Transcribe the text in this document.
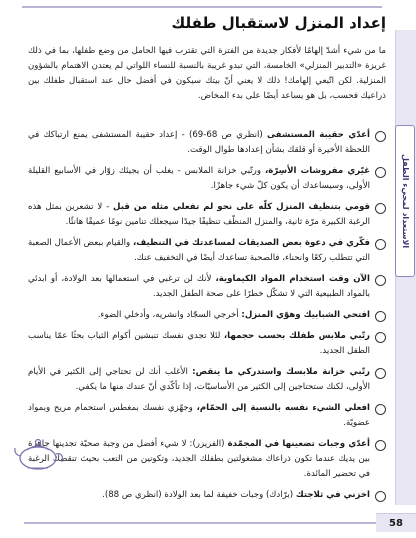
الاستعداد لمجيء الطفل
إعداد المنزل لاستقبال طفلك
ما من شيء أشدّ إلهامًا لأفكار جديدة من الفترة التي تقترب فيها الحامل من وضع طفلها، بما في ذلك غريزة «التدبير المنزلي» الخامسة، التي تبدو غريبة بالنسبة للنساء اللواتي لم يعتدن الاهتمام بالشؤون المنزلية. لكن اتّبعي إلهامك! ذلك لا يعني أنّ بيتك سيكون في أفضل حال عند استقبال طفلك بين ذراعيك فحسب، بل هو يساعد أيضًا على بدء المخاض.
أعدّي حقيبة المستشفى (انظري ص 68-69) - إعداد حقيبة المستشفى يمنع ارتباكك في اللحظة الأخيرة أو قلقك بشأن إعدادها طوال الوقت.
غيّري مفروشات الأسِرّة، ورتّبي خزانة الملابس - يغلب أن يجيئك زوّار في الأسابيع القليلة الأولى، وسيساعدك أن يكون كلّ شيء جاهزًا.
قومي بتنظيف المنزل كلّه على نحو لم تفعلي مثله من قبل - لا تشعرين بمثل هذه الرغبة الكبيرة مرّة ثانية، والمنزل المنظّف تنظيفًا جيدًا سيجعلك تنامين نومًا عميقًا هانئًا.
فكّري في دعوة بعض الصديقات لمساعدتك في التنظيف، والقيام ببعض الأعمال الصعبة التي تتطلب ركعًا وانحناء، فالصحبة تساعدك أيضًا في التخفيف عنك.
الآن وقت استخدام المواد الكيماوية، لأنك لن ترغبي في استعمالها بعد الولادة، أو ابدئي بالمواد الطبيعية التي لا تشكّل خطرًا على صحة الطفل الجديد.
افتحي الشبابيك وهوّي المنزل: أخرجي السجّاد وانشريه، وأدخلي الضوء.
رتّبي ملابس طفلك بحسب حجمها، لئلا تجدي نفسك تنبشين أكوام الثياب بحثًا عمّا يناسب الطفل الجديد.
رتّبي خزانة ملابسك واستدركي ما ينقص: الأغلب أنك لن تحتاجي إلى الكثير في الأيام الأولى، لكنك ستحتاجين إلى الكثير من الأساسيّات، إذا تأكّدي أنّ عندك منها ما يكفي.
افعلي الشيء نفسه بالنسبة إلى الحمّام، وجهّزي نفسك بمغطس استحمام مريح وبمواد عضويّة.
أعدّي وجبات تضعينها في المجمّدة (الفريزر): لا شيء أفضل من وجبة صحيّة تجدينها جاهزة بين يديك عندما تكون ذراعاك مشغولتين بطفلك الجديد، وتكونين من التعب بحيث تنقصك الرغبة في تحضير المائدة.
اخزني في ثلاجتك (برّادك) وجبات خفيفة لما بعد الولادة (انظري ص 88).
58
